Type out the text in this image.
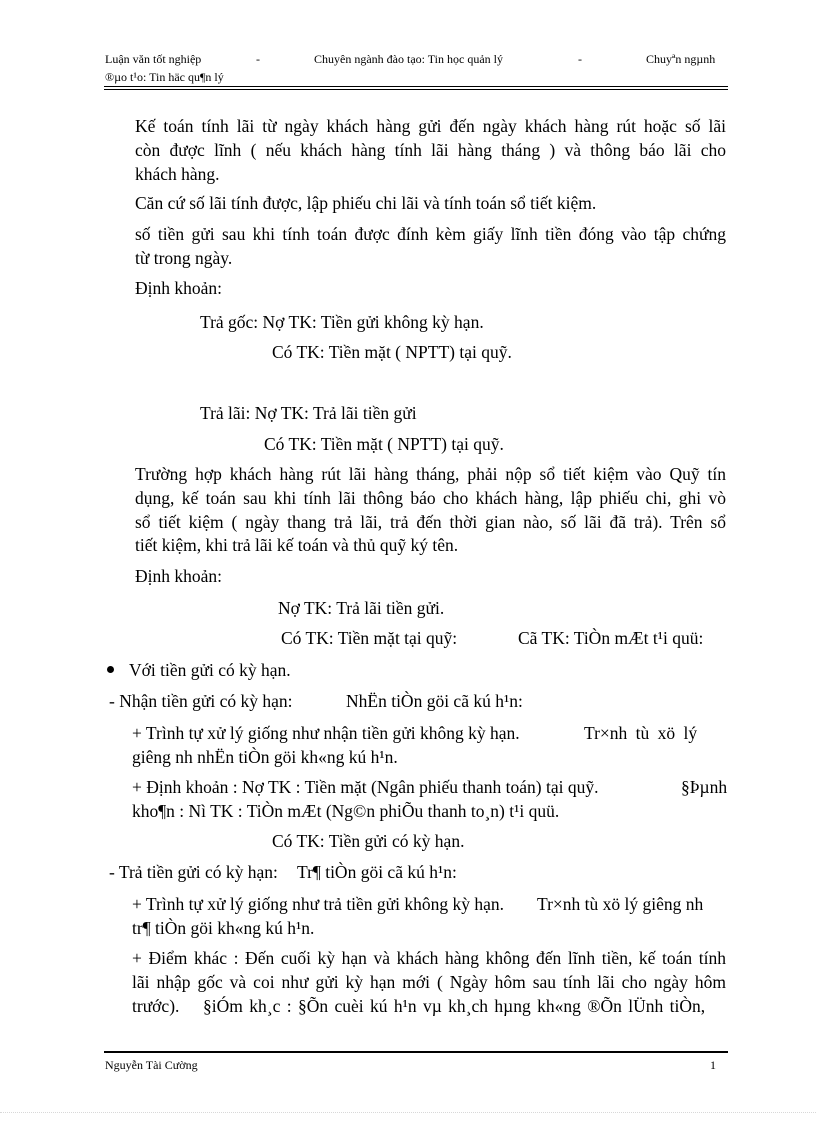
Luận văn tốt nghiệp	-	Chuyên ngành đào tạo: Tin học quản lý	-	Chuyªn ngµnh
®µo t¹o: Tin häc qu¶n lý
Kế toán tính lãi từ ngày khách hàng gửi đến ngày khách hàng rút hoặc số lãi
còn được lĩnh ( nếu khách hàng tính lãi hàng tháng ) và thông báo lãi cho
khách hàng.
Căn cứ số lãi tính được, lập phiếu chi lãi và tính toán sổ tiết kiệm.
số tiền gửi sau khi tính toán được đính kèm giấy lĩnh tiền đóng vào tập chứng
từ trong ngày.
Định khoản:
Trả gốc: Nợ TK: Tiền gửi không kỳ hạn.
Có TK: Tiền mặt ( NPTT) tại quỹ.
Trả lãi: Nợ TK: Trả lãi tiền gửi
Có TK: Tiền mặt ( NPTT) tại quỹ.
Trường hợp khách hàng rút lãi hàng tháng, phải nộp sổ tiết kiệm vào Quỹ tín
dụng, kế toán sau khi tính lãi thông báo cho khách hàng, lập phiếu chi, ghi vò
sổ tiết kiệm ( ngày thang trả lãi, trả đến thời gian nào, số lãi đã trả). Trên sổ
tiết kiệm, khi trả lãi kế toán và thủ quỹ ký tên.
Định khoản:
Nợ TK: Trả lãi tiền gửi.
Có TK: Tiền mặt tại quỹ:	Cã TK: TiÒn mÆt t¹i quü:
Với tiền gửi có kỳ hạn.
- Nhận tiền gửi có kỳ hạn:	NhËn tiÒn göi cã kú h¹n:
+ Trình tự xử lý giống như nhận tiền gửi không kỳ hạn.	Tr×nh tù xö lý
giêng nh nhËn tiÒn göi kh«ng kú h¹n.
+ Định khoản : Nợ TK : Tiền mặt (Ngân phiếu thanh toán) tại quỹ.	§Þµnh
kho¶n : Nì TK : TiÒn mÆt (Ng©n phiÕu thanh to¸n) t¹i quü.
Có TK: Tiền gửi có kỳ hạn.
- Trả tiền gửi có kỳ hạn: Tr¶ tiÒn göi cã kú h¹n:
+ Trình tự xử lý giống như trả tiền gửi không kỳ hạn. Tr×nh tù xö lý giêng nh
tr¶ tiÒn göi kh«ng kú h¹n.
+ Điểm khác : Đến cuối kỳ hạn và khách hàng không đến lĩnh tiền, kế toán tính
lãi nhập gốc và coi như gửi kỳ hạn mới ( Ngày hôm sau tính lãi cho ngày hôm
trước). §iÓm kh¸c : §Õn cuèi kú h¹n vµ kh¸ch hµng kh«ng ®Õn lÜnh tiÒn,
Nguyễn Tài Cường	1
